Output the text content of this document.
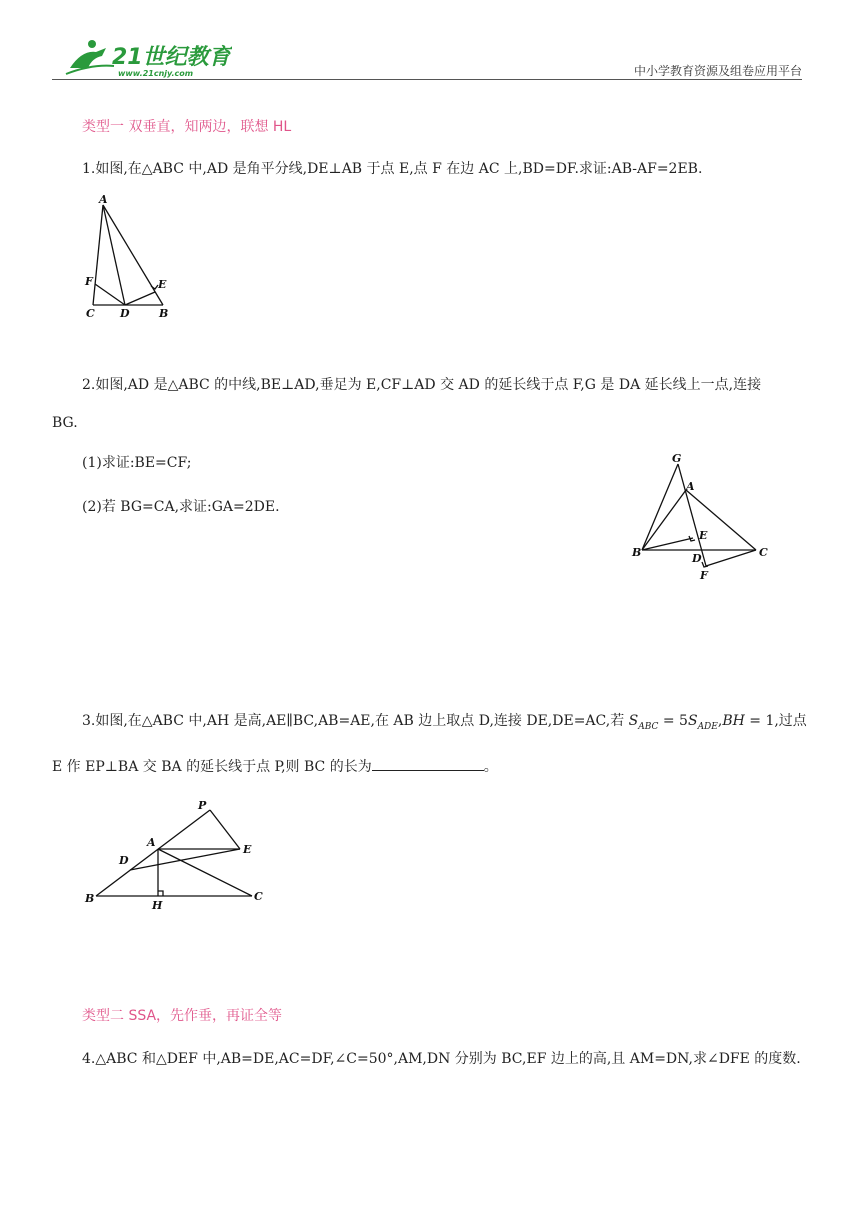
21世纪教育
www.21cnjy.com	中小学教育资源及组卷应用平台
类型一 双垂直，知两边，联想 HL
1.如图,在△ABC 中,AD 是角平分线,DE⊥AB 于点 E,点 F 在边 AC 上,BD=DF.求证:AB-AF=2EB.
A
F	E
C D	B
2.如图,AD 是△ABC 的中线,BE⊥AD,垂足为 E,CF⊥AD 交 AD 的延长线于点 F,G 是 DA 延长线上一点,连接
BG.
(1)求证:BE=CF;
(2)若 BG=CA,求证:GA=2DE.
G
A
E
B	D	C
F
3.如图,在△ABC 中,AH 是高,AE∥BC,AB=AE,在 AB 边上取点 D,连接 DE,DE=AC,若 $S_{ABC} = 5S_{ADE},BH = 1$,过点
E 作 EP⊥BA 交 BA 的延长线于点 P,则 BC 的长为	。
P
A
E
D
B
H
C
类型二 SSA，先作垂，再证全等
4.△ABC 和△DEF 中,AB=DE,AC=DF,∠C=50°,AM,DN 分别为 BC,EF 边上的高,且 AM=DN,求∠DFE 的度数.
